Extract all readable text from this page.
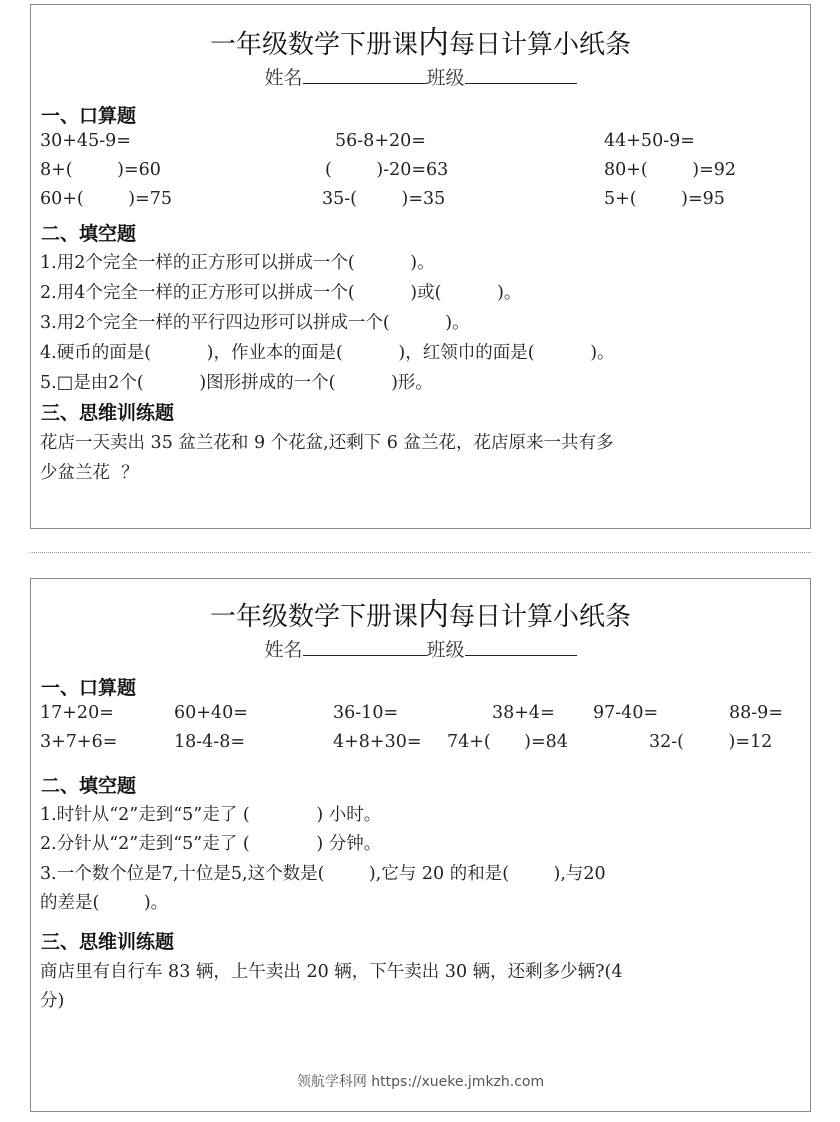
一年级数学下册课内每日计算小纸条
姓名	班级
一、口算题
30+45-9=	56-8+20=	44+50-9=
8+(        )=60	(        )-20=63	80+(        )=92
60+(        )=75	35-(        )=35	5+(        )=95
二、填空题
1.用2个完全一样的正方形可以拼成一个(          )。
2.用4个完全一样的正方形可以拼成一个(          )或(          )。
3.用2个完全一样的平行四边形可以拼成一个(          )。
4.硬币的面是(          )，作业本的面是(          )，红领巾的面是(          )。
5.□是由2个(          )图形拼成的一个(          )形。
三、思维训练题
花店一天卖出 35 盆兰花和 9 个花盆,还剩下 6 盆兰花，花店原来一共有多
少盆兰花  ？
一年级数学下册课内每日计算小纸条
姓名	班级
一、口算题
17+20=	60+40=	36-10=	38+4= 97-40=	88-9=
3+7+6=	18-4-8=	4+8+30= 74+(      )=84	32-(        )=12
二、填空题
1.时针从“2”走到“5”走了 (            ) 小时。
2.分针从“2”走到“5”走了 (            ) 分钟。
3.一个数个位是7,十位是5,这个数是(        ),它与 20 的和是(        ),与20
的差是(        )。
三、思维训练题
商店里有自行车 83 辆，上午卖出 20 辆，下午卖出 30 辆，还剩多少辆?(4
分)
领航学科网 https://xueke.jmkzh.com
